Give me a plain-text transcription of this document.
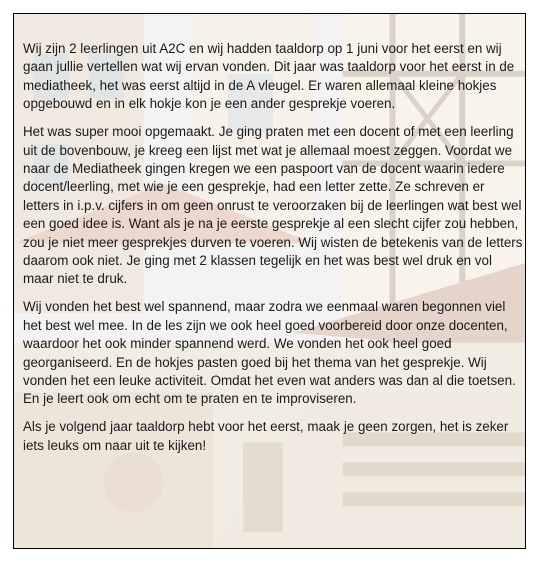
Wij zijn 2 leerlingen uit A2C en wij hadden taaldorp op 1 juni voor het eerst en wij gaan jullie vertellen wat wij ervan vonden. Dit jaar was taaldorp voor het eerst in de mediatheek, het was eerst altijd in de A vleugel. Er waren allemaal kleine hokjes opgebouwd en in elk hokje kon je een ander gesprekje voeren.

Het was super mooi opgemaakt. Je ging praten met een docent of met een leerling uit de bovenbouw, je kreeg een lijst met wat je allemaal moest zeggen. Voordat we naar de Mediatheek gingen kregen we een paspoort van de docent waarin iedere docent/leerling, met wie je een gesprekje, had een letter zette. Ze schreven er letters in i.p.v. cijfers in om geen onrust te veroorzaken bij de leerlingen wat best wel een goed idee is. Want als je na je eerste gesprekje al een slecht cijfer zou hebben, zou je niet meer gesprekjes durven te voeren. Wij wisten de betekenis van de letters daarom ook niet. Je ging met 2 klassen tegelijk en het was best wel druk en vol maar niet te druk.

Wij vonden het best wel spannend, maar zodra we eenmaal waren begonnen viel het best wel mee. In de les zijn we ook heel goed voorbereid door onze docenten, waardoor het ook minder spannend werd. We vonden het ook heel goed georganiseerd. En de hokjes pasten goed bij het thema van het gesprekje. Wij vonden het een leuke activiteit. Omdat het even wat anders was dan al die toetsen. En je leert ook om echt om te praten en te improviseren.

Als je volgend jaar taaldorp hebt voor het eerst, maak je geen zorgen, het is zeker iets leuks om naar uit te kijken!
